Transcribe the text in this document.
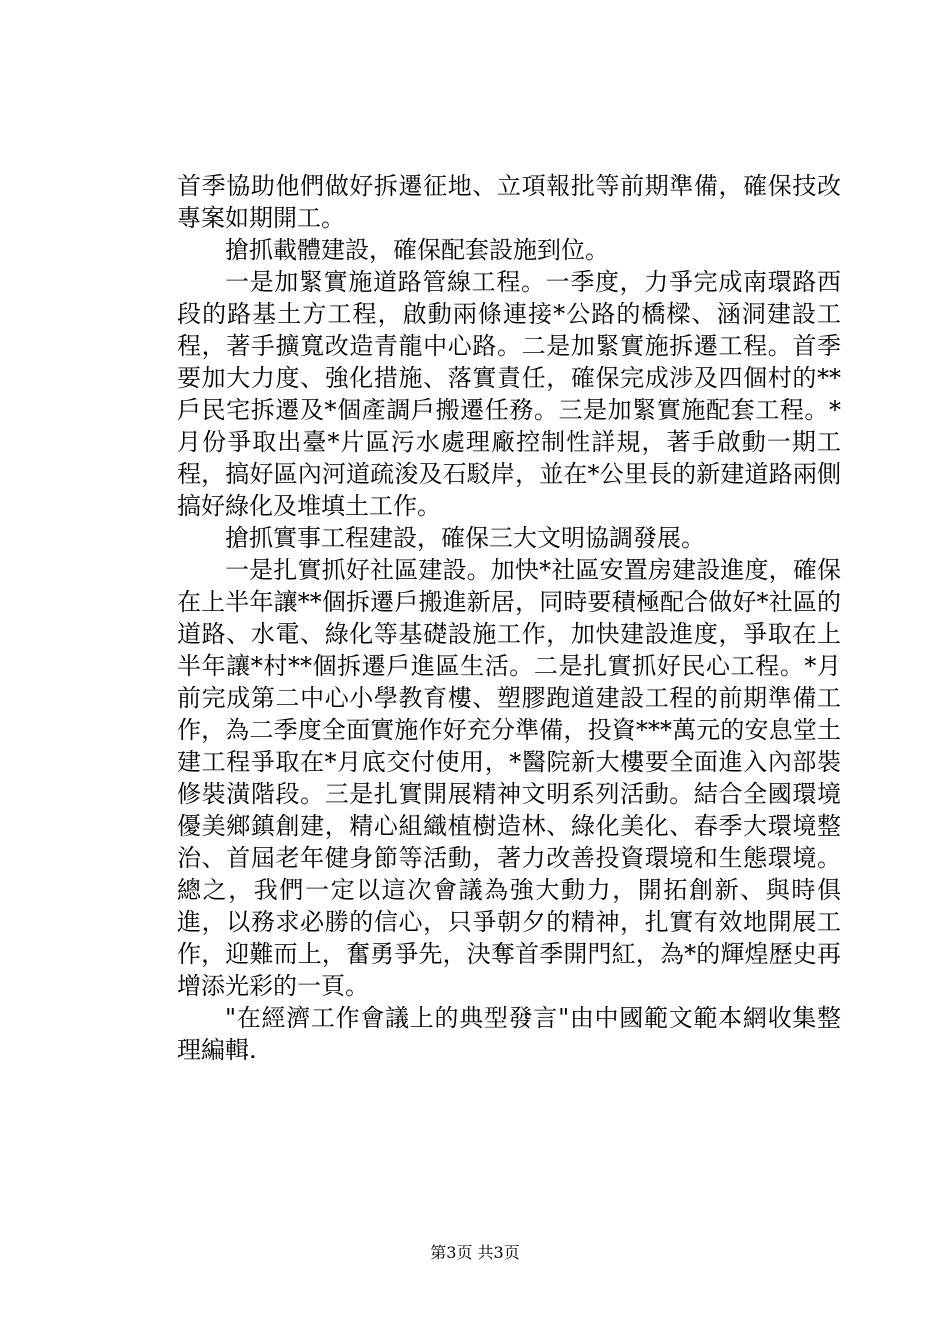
首季協助他們做好拆遷征地、立項報批等前期準備，確保技改專案如期開工。

搶抓載體建設，確保配套設施到位。

一是加緊實施道路管線工程。一季度，力爭完成南環路西段的路基土方工程，啟動兩條連接*公路的橋樑、涵洞建設工程，著手擴寬改造青龍中心路。二是加緊實施拆遷工程。首季要加大力度、強化措施、落實責任，確保完成涉及四個村的**戶民宅拆遷及*個產調戶搬遷任務。三是加緊實施配套工程。*月份爭取出臺*片區污水處理廠控制性詳規，著手啟動一期工程，搞好區內河道疏浚及石駁岸，並在*公里長的新建道路兩側搞好綠化及堆填土工作。

搶抓實事工程建設，確保三大文明協調發展。

一是扎實抓好社區建設。加快*社區安置房建設進度，確保在上半年讓**個拆遷戶搬進新居，同時要積極配合做好*社區的道路、水電、綠化等基礎設施工作，加快建設進度，爭取在上半年讓*村**個拆遷戶進區生活。二是扎實抓好民心工程。*月前完成第二中心小學教育樓、塑膠跑道建設工程的前期準備工作，為二季度全面實施作好充分準備，投資***萬元的安息堂土建工程爭取在*月底交付使用，*醫院新大樓要全面進入內部裝修裝潢階段。三是扎實開展精神文明系列活動。結合全國環境優美鄉鎮創建，精心組織植樹造林、綠化美化、春季大環境整治、首屆老年健身節等活動，著力改善投資環境和生態環境。總之，我們一定以這次會議為強大動力，開拓創新、與時俱進，以務求必勝的信心，只爭朝夕的精神，扎實有效地開展工作，迎難而上，奮勇爭先，決奪首季開門紅，為*的輝煌歷史再增添光彩的一頁。

"在經濟工作會議上的典型發言"由中國範文範本網收集整理編輯.

第3页 共3页
